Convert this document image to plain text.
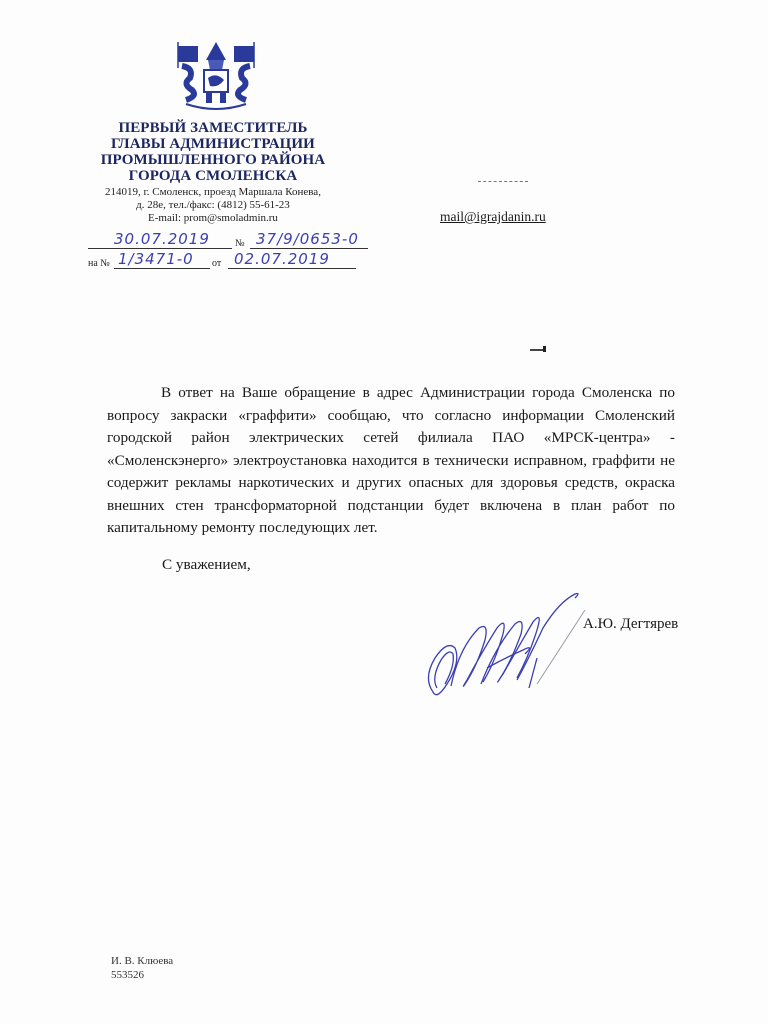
ПЕРВЫЙ ЗАМЕСТИТЕЛЬ
ГЛАВЫ АДМИНИСТРАЦИИ
ПРОМЫШЛЕННОГО РАЙОНА
ГОРОДА СМОЛЕНСКА
214019, г. Смоленск, проезд Маршала Конева,
д. 28е, тел./факс: (4812) 55-61-23
E-mail: prom@smoladmin.ru
30.07.2019	№ 37/9/0653-0
на № 1/3471-0 от 02.07.2019
mail@igrajdanin.ru

В ответ на Ваше обращение в адрес Администрации города Смоленска по вопросу закраски «граффити» сообщаю, что согласно информации Смоленский городской район электрических сетей филиала ПАО «МРСК-центра» - «Смоленскэнерго» электроустановка находится в технически исправном, граффити не содержит рекламы наркотических и других опасных для здоровья средств, окраска внешних стен трансформаторной подстанции будет включена в план работ по капитальному ремонту последующих лет.

С уважением,
А.Ю. Дегтярев
И. В. Клюева
553526
